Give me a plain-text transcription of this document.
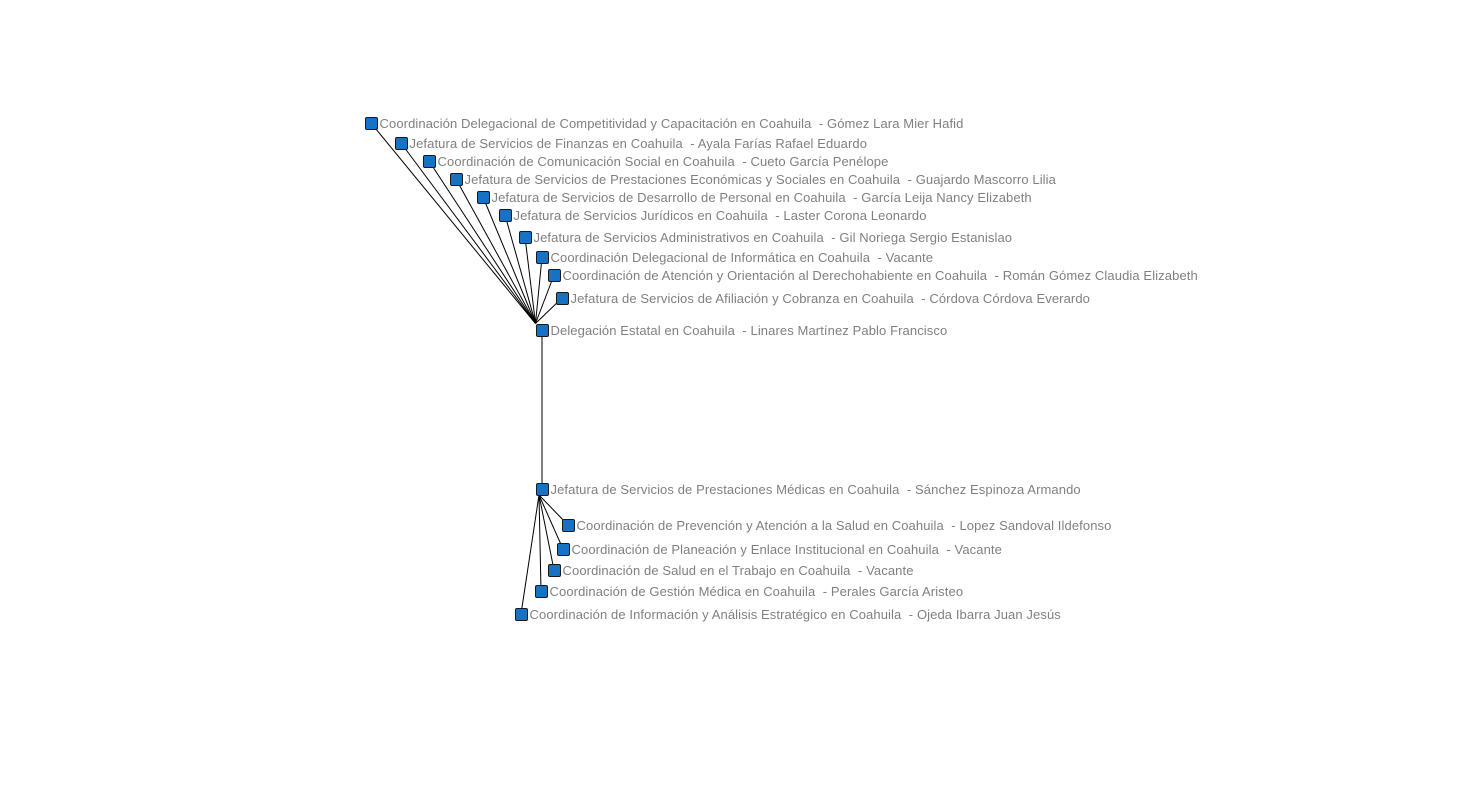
Coordinación Delegacional de Competitividad y Capacitación en Coahuila  - Gómez Lara Mier Hafid
Jefatura de Servicios de Finanzas en Coahuila  - Ayala Farías Rafael Eduardo
Coordinación de Comunicación Social en Coahuila  - Cueto García Penélope
Jefatura de Servicios de Prestaciones Económicas y Sociales en Coahuila  - Guajardo Mascorro Lilia
Jefatura de Servicios de Desarrollo de Personal en Coahuila  - García Leija Nancy Elizabeth
Jefatura de Servicios Jurídicos en Coahuila  - Laster Corona Leonardo
Jefatura de Servicios Administrativos en Coahuila  - Gil Noriega Sergio Estanislao
Coordinación Delegacional de Informática en Coahuila  - Vacante
Coordinación de Atención y Orientación al Derechohabiente en Coahuila  - Román Gómez Claudia Elizabeth
Jefatura de Servicios de Afiliación y Cobranza en Coahuila  - Córdova Córdova Everardo
Delegación Estatal en Coahuila  - Linares Martínez Pablo Francisco
Jefatura de Servicios de Prestaciones Médicas en Coahuila  - Sánchez Espinoza Armando
Coordinación de Prevención y Atención a la Salud en Coahuila  - Lopez Sandoval Ildefonso
Coordinación de Planeación y Enlace Institucional en Coahuila  - Vacante
Coordinación de Salud en el Trabajo en Coahuila  - Vacante
Coordinación de Gestión Médica en Coahuila  - Perales García Aristeo
Coordinación de Información y Análisis Estratégico en Coahuila  - Ojeda Ibarra Juan Jesús
